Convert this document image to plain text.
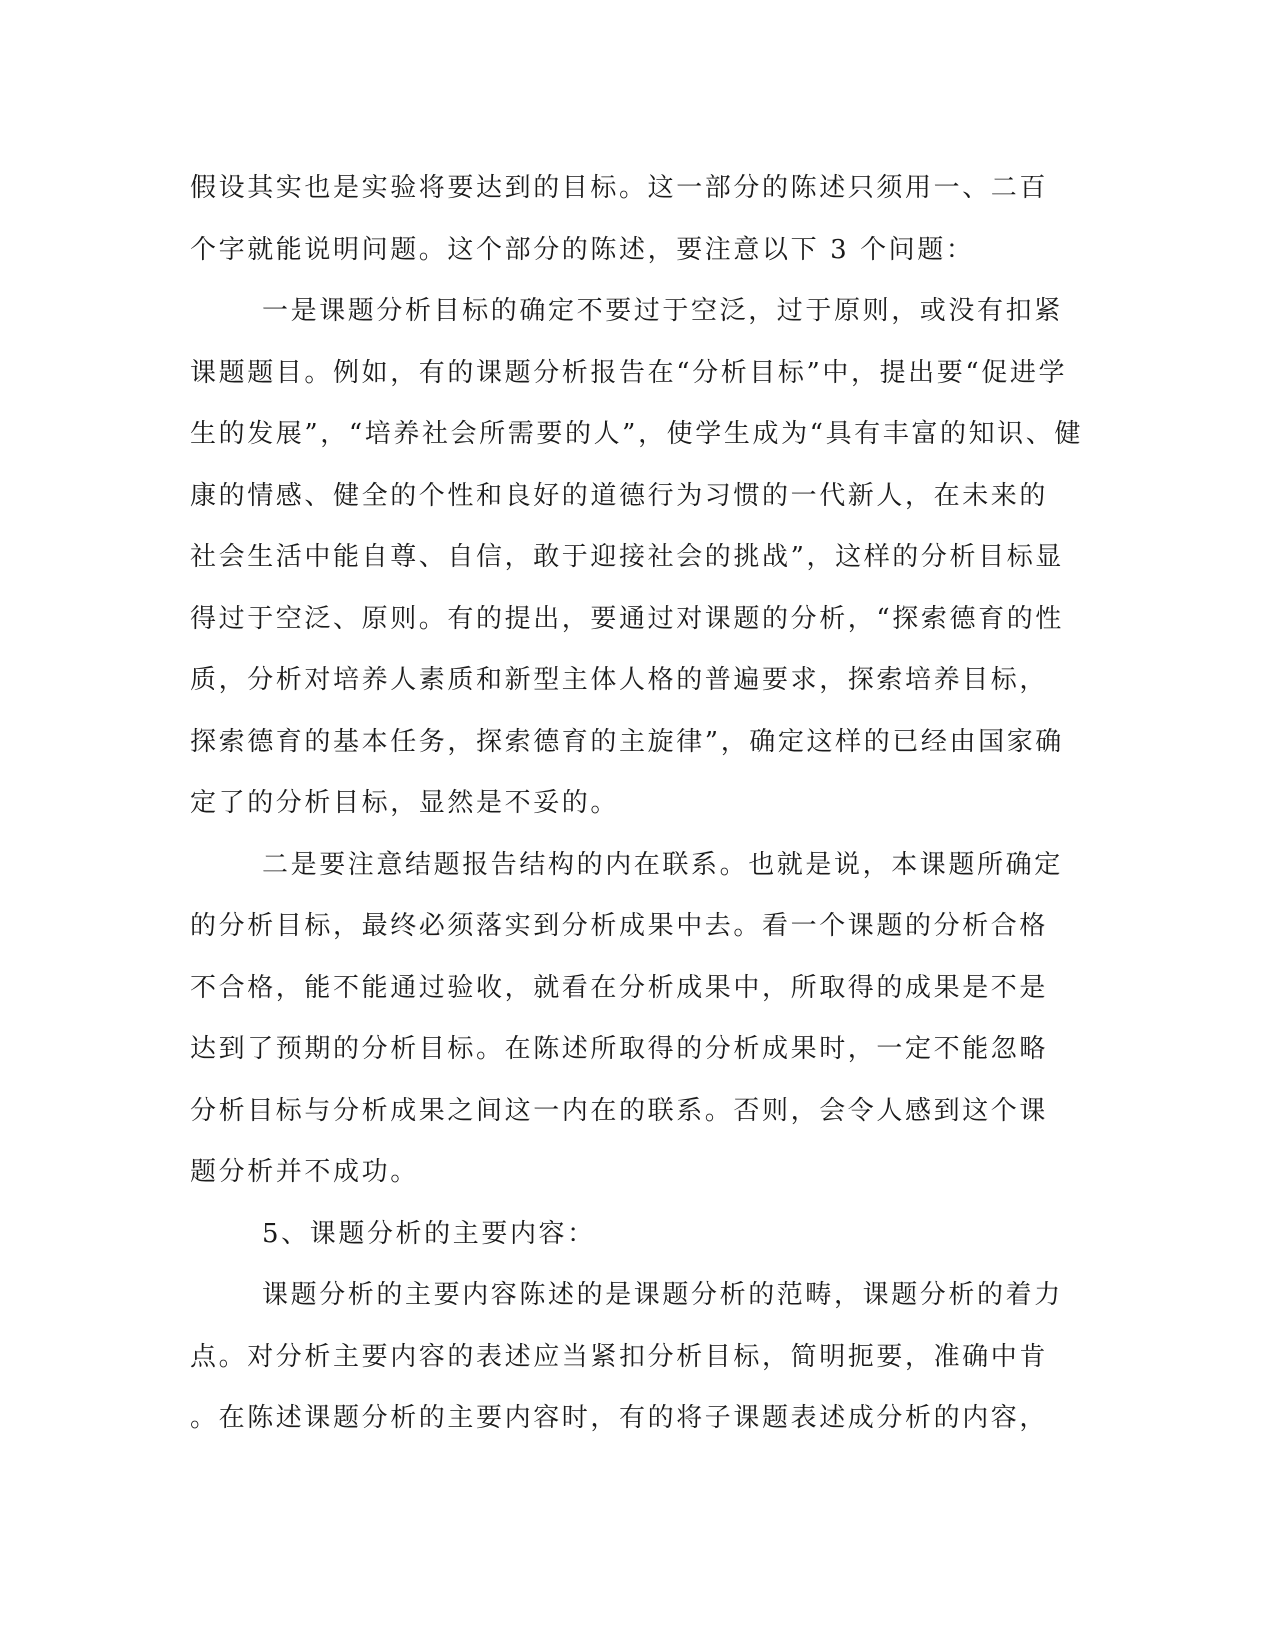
假设其实也是实验将要达到的目标。这一部分的陈述只须用一、二百
个字就能说明问题。这个部分的陈述，要注意以下 3 个问题：
一是课题分析目标的确定不要过于空泛，过于原则，或没有扣紧
课题题目。例如，有的课题分析报告在“分析目标”中，提出要“促进学
生的发展”，“培养社会所需要的人”，使学生成为“具有丰富的知识、健
康的情感、健全的个性和良好的道德行为习惯的一代新人，在未来的
社会生活中能自尊、自信，敢于迎接社会的挑战”，这样的分析目标显
得过于空泛、原则。有的提出，要通过对课题的分析，“探索德育的性
质，分析对培养人素质和新型主体人格的普遍要求，探索培养目标，
探索德育的基本任务，探索德育的主旋律”，确定这样的已经由国家确
定了的分析目标，显然是不妥的。
二是要注意结题报告结构的内在联系。也就是说，本课题所确定
的分析目标，最终必须落实到分析成果中去。看一个课题的分析合格
不合格，能不能通过验收，就看在分析成果中，所取得的成果是不是
达到了预期的分析目标。在陈述所取得的分析成果时，一定不能忽略
分析目标与分析成果之间这一内在的联系。否则，会令人感到这个课
题分析并不成功。
5、课题分析的主要内容：
课题分析的主要内容陈述的是课题分析的范畴，课题分析的着力
点。对分析主要内容的表述应当紧扣分析目标，简明扼要，准确中肯
。在陈述课题分析的主要内容时，有的将子课题表述成分析的内容，
